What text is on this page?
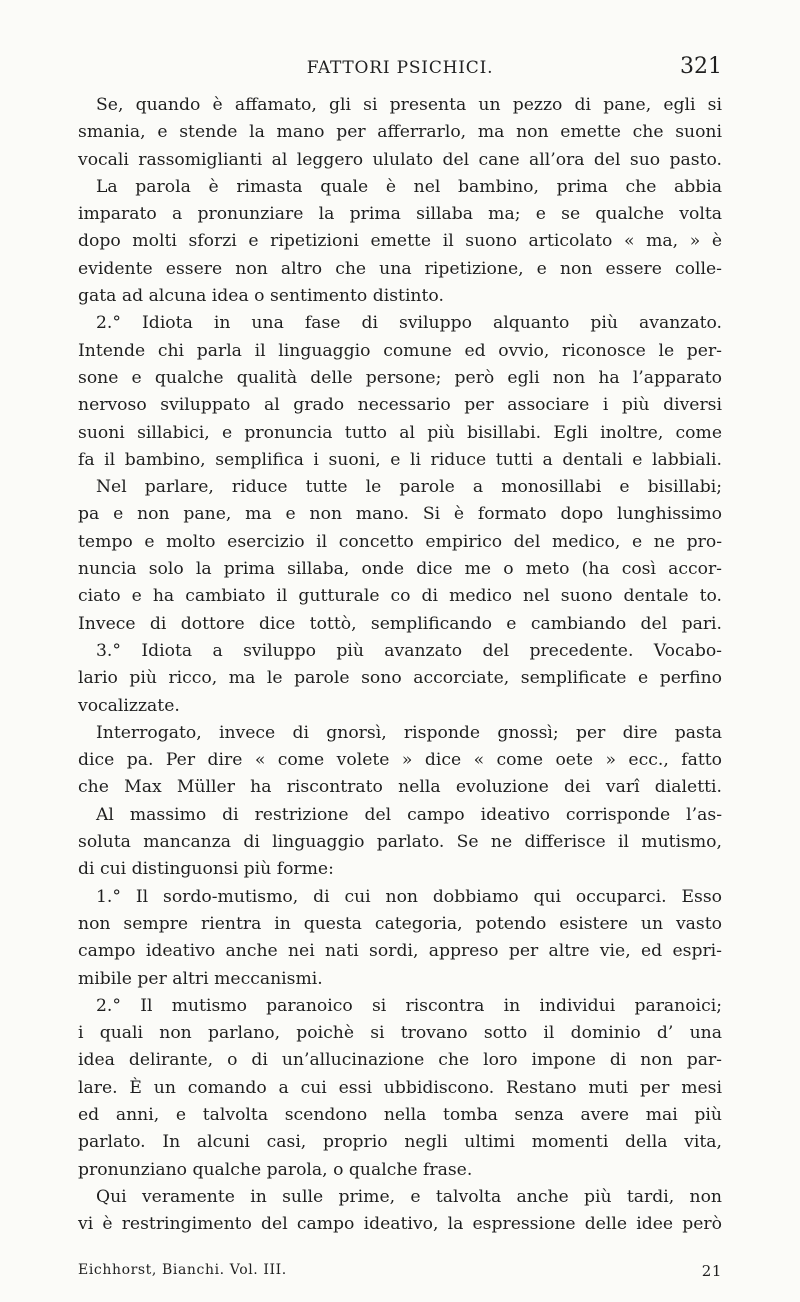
FATTORI PSICHICI.	321
Se, quando è affamato, gli si presenta un pezzo di pane, egli si
smania, e stende la mano per afferrarlo, ma non emette che suoni
vocali rassomiglianti al leggero ululato del cane all’ora del suo pasto.
La parola è rimasta quale è nel bambino, prima che abbia
imparato a pronunziare la prima sillaba ma; e se qualche volta
dopo molti sforzi e ripetizioni emette il suono articolato « ma, » è
evidente essere non altro che una ripetizione, e non essere colle-
gata ad alcuna idea o sentimento distinto.
2.° Idiota in una fase di sviluppo alquanto più avanzato.
Intende chi parla il linguaggio comune ed ovvio, riconosce le per-
sone e qualche qualità delle persone; però egli non ha l’apparato
nervoso sviluppato al grado necessario per associare i più diversi
suoni sillabici, e pronuncia tutto al più bisillabi. Egli inoltre, come
fa il bambino, semplifica i suoni, e li riduce tutti a dentali e labbiali.
Nel parlare, riduce tutte le parole a monosillabi e bisillabi;
pa e non pane, ma e non mano. Si è formato dopo lunghissimo
tempo e molto esercizio il concetto empirico del medico, e ne pro-
nuncia solo la prima sillaba, onde dice me o meto (ha così accor-
ciato e ha cambiato il gutturale co di medico nel suono dentale to.
Invece di dottore dice tottò, semplificando e cambiando del pari.
3.° Idiota a sviluppo più avanzato del precedente. Vocabo-
lario più ricco, ma le parole sono accorciate, semplificate e perfino
vocalizzate.
Interrogato, invece di gnorsì, risponde gnossì; per dire pasta
dice pa. Per dire « come volete » dice « come oete » ecc., fatto
che Max Müller ha riscontrato nella evoluzione dei varî dialetti.
Al massimo di restrizione del campo ideativo corrisponde l’as-
soluta mancanza di linguaggio parlato. Se ne differisce il mutismo,
di cui distinguonsi più forme:
1.° Il sordo-mutismo, di cui non dobbiamo qui occuparci. Esso
non sempre rientra in questa categoria, potendo esistere un vasto
campo ideativo anche nei nati sordi, appreso per altre vie, ed espri-
mibile per altri meccanismi.
2.° Il mutismo paranoico si riscontra in individui paranoici;
i quali non parlano, poichè si trovano sotto il dominio d’ una
idea delirante, o di un’allucinazione che loro impone di non par-
lare. È un comando a cui essi ubbidiscono. Restano muti per mesi
ed anni, e talvolta scendono nella tomba senza avere mai più
parlato. In alcuni casi, proprio negli ultimi momenti della vita,
pronunziano qualche parola, o qualche frase.
Qui veramente in sulle prime, e talvolta anche più tardi, non
vi è restringimento del campo ideativo, la espressione delle idee però
Eichhorst, Bianchi. Vol. III.	21
